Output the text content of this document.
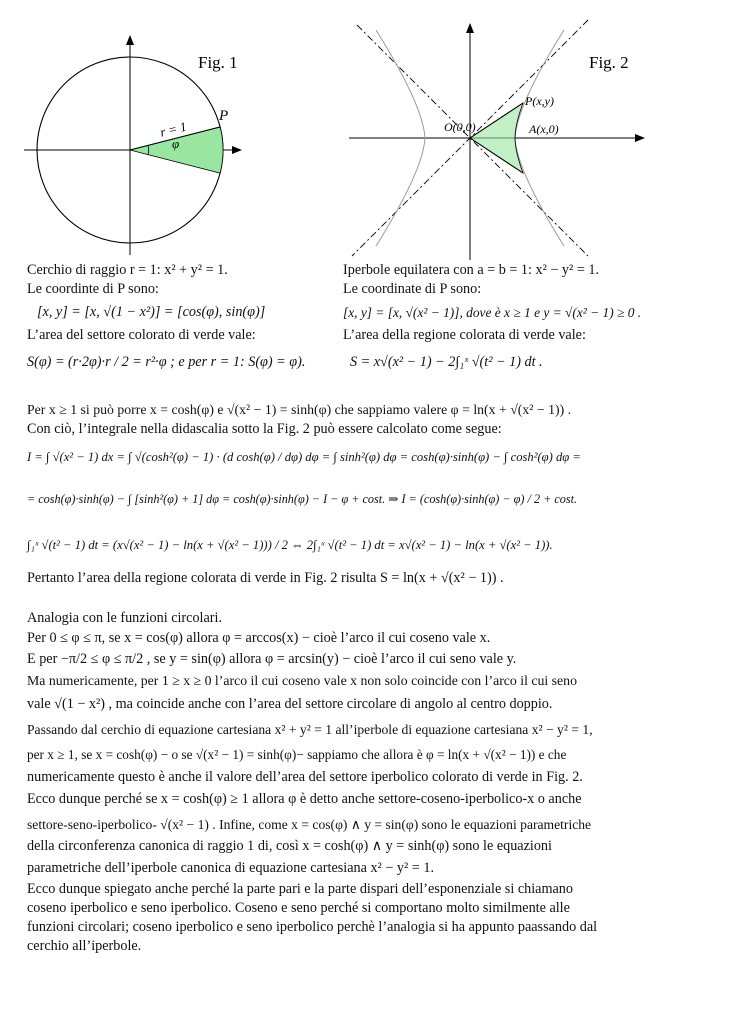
Fig. 1
P
r = 1
φ
Fig. 2
P(x,y)
O(0,0)	A(x,0)
Cerchio di raggio r = 1: x² + y² = 1.
Le coordinte di P sono:
[x, y] = [x, √(1 − x²)] = [cos(φ), sin(φ)]
L’area del settore colorato di verde vale:
S(φ) = (r·2φ)·r / 2 = r²·φ ; e per r = 1: S(φ) = φ).
Iperbole equilatera con a = b = 1: x² − y² = 1.
Le coordinate di P sono:
[x, y] = [x, √(x² − 1)], dove è x ≥ 1 e y = √(x² − 1) ≥ 0 .
L’area della regione colorata di verde vale:
S = x√(x² − 1) − 2∫₁ˣ √(t² − 1) dt .
Per x ≥ 1 si può porre x = cosh(φ) e √(x² − 1) = sinh(φ) che sappiamo valere φ = ln(x + √(x² − 1)) .
Con ciò, l’integrale nella didascalia sotto la Fig. 2 può essere calcolato come segue:
I = ∫ √(x² − 1) dx = ∫ √(cosh²(φ) − 1) · (d cosh(φ) / dφ) dφ = ∫ sinh²(φ) dφ = cosh(φ)·sinh(φ) − ∫ cosh²(φ) dφ =
= cosh(φ)·sinh(φ) − ∫ [sinh²(φ) + 1] dφ = cosh(φ)·sinh(φ) − I − φ + cost. ⇒ I = (cosh(φ)·sinh(φ) − φ) / 2 + cost.
∫₁ˣ √(t² − 1) dt = (x√(x² − 1) − ln(x + √(x² − 1))) / 2 ⇔ 2∫₁ˣ √(t² − 1) dt = x√(x² − 1) − ln(x + √(x² − 1)).
Pertanto l’area della regione colorata di verde in Fig. 2 risulta S = ln(x + √(x² − 1)) .
Analogia con le funzioni circolari.
Per 0 ≤ φ ≤ π, se x = cos(φ) allora φ = arccos(x) − cioè l’arco il cui coseno vale x.
E per −π/2 ≤ φ ≤ π/2 , se y = sin(φ) allora φ = arcsin(y) − cioè l’arco il cui seno vale y.
Ma numericamente, per 1 ≥ x ≥ 0 l’arco il cui coseno vale x non solo coincide con l’arco il cui seno
vale √(1 − x²) , ma coincide anche con l’area del settore circolare di angolo al centro doppio.
Passando dal cerchio di equazione cartesiana x² + y² = 1 all’iperbole di equazione cartesiana x² − y² = 1,
per x ≥ 1, se x = cosh(φ) − o se √(x² − 1) = sinh(φ)− sappiamo che allora è φ = ln(x + √(x² − 1)) e che
numericamente questo è anche il valore dell’area del settore iperbolico colorato di verde in Fig. 2.
Ecco dunque perché se x = cosh(φ) ≥ 1 allora φ è detto anche settore-coseno-iperbolico-x o anche
settore-seno-iperbolico- √(x² − 1) . Infine, come x = cos(φ) ∧ y = sin(φ) sono le equazioni parametriche
della circonferenza canonica di raggio 1 di, così x = cosh(φ) ∧ y = sinh(φ) sono le equazioni
parametriche dell’iperbole canonica di equazione cartesiana x² − y² = 1.
Ecco dunque spiegato anche perché la parte pari e la parte dispari dell’esponenziale si chiamano
coseno iperbolico e seno iperbolico. Coseno e seno perché si comportano molto similmente alle
funzioni circolari; coseno iperbolico e seno iperbolico perchè l’analogia si ha appunto paassando dal
cerchio all’iperbole.
